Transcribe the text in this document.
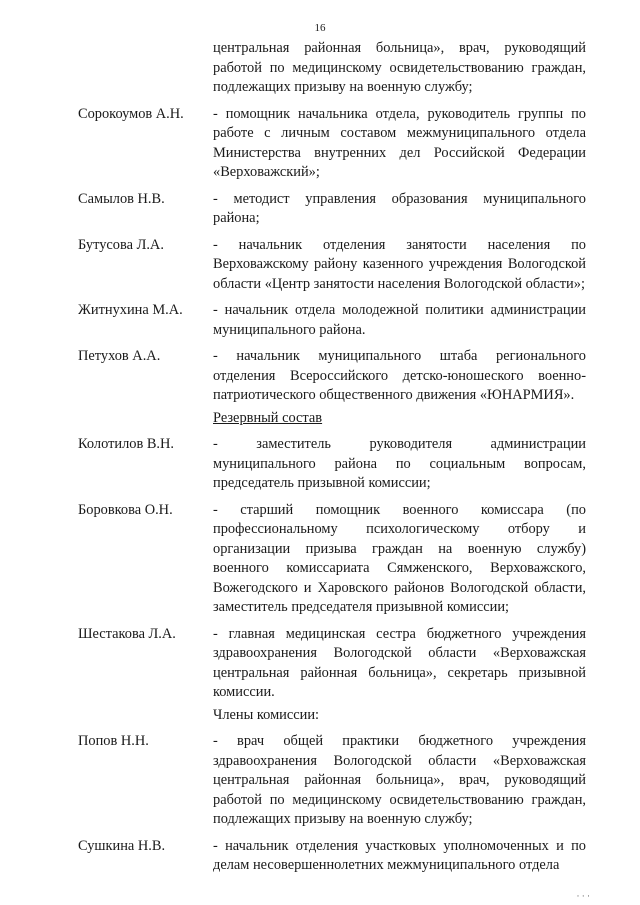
16
центральная районная больница», врач, руководящий работой по медицинскому освидетельствованию граждан, подлежащих призыву на военную службу;
Сорокоумов А.Н.	- помощник начальника отдела, руководитель группы по работе с личным составом межмуниципального отдела Министерства внутренних дел Российской Федерации «Верховажский»;
Самылов Н.В.	- методист управления образования муниципального района;
Бутусова Л.А.	- начальник отделения занятости населения по Верховажскому району казенного учреждения Вологодской области «Центр занятости населения Вологодской области»;
Житнухина М.А.	- начальник отдела молодежной политики администрации муниципального района.
Петухов А.А.	- начальник муниципального штаба регионального отделения Всероссийского детско-юношеского военно-патриотического общественного движения «ЮНАРМИЯ».
Резервный состав
Колотилов В.Н.	- заместитель руководителя администрации муниципального района по социальным вопросам, председатель призывной комиссии;
Боровкова О.Н.	- старший помощник военного комиссара (по профессиональному психологическому отбору и организации призыва граждан на военную службу) военного комиссариата Сямженского, Верховажского, Вожегодского и Харовского районов Вологодской области, заместитель председателя призывной комиссии;
Шестакова Л.А.	- главная медицинская сестра бюджетного учреждения здравоохранения Вологодской области «Верховажская центральная районная больница», секретарь призывной комиссии.
Члены комиссии:
Попов Н.Н.	- врач общей практики бюджетного учреждения здравоохранения Вологодской области «Верховажская центральная районная больница», врач, руководящий работой по медицинскому освидетельствованию граждан, подлежащих призыву на военную службу;
Сушкина Н.В.	- начальник отделения участковых уполномоченных и по делам несовершеннолетних межмуниципального отдела
· · ·
